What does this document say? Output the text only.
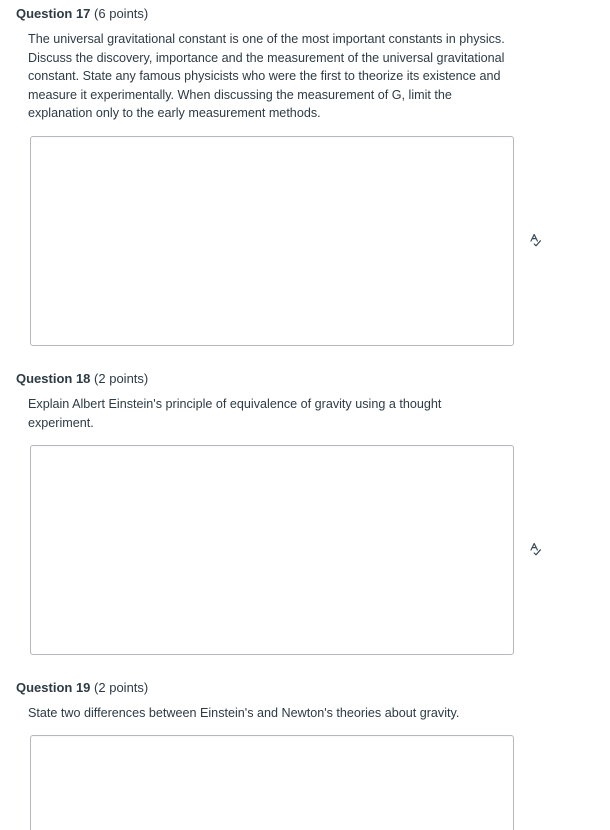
Question 17 (6 points)
The universal gravitational constant is one of the most important constants in physics. Discuss the discovery, importance and the measurement of the universal gravitational constant. State any famous physicists who were the first to theorize its existence and measure it experimentally. When discussing the measurement of G, limit the explanation only to the early measurement methods.
Question 18 (2 points)
Explain Albert Einstein's principle of equivalence of gravity using a thought experiment.
Question 19 (2 points)
State two differences between Einstein's and Newton's theories about gravity.
